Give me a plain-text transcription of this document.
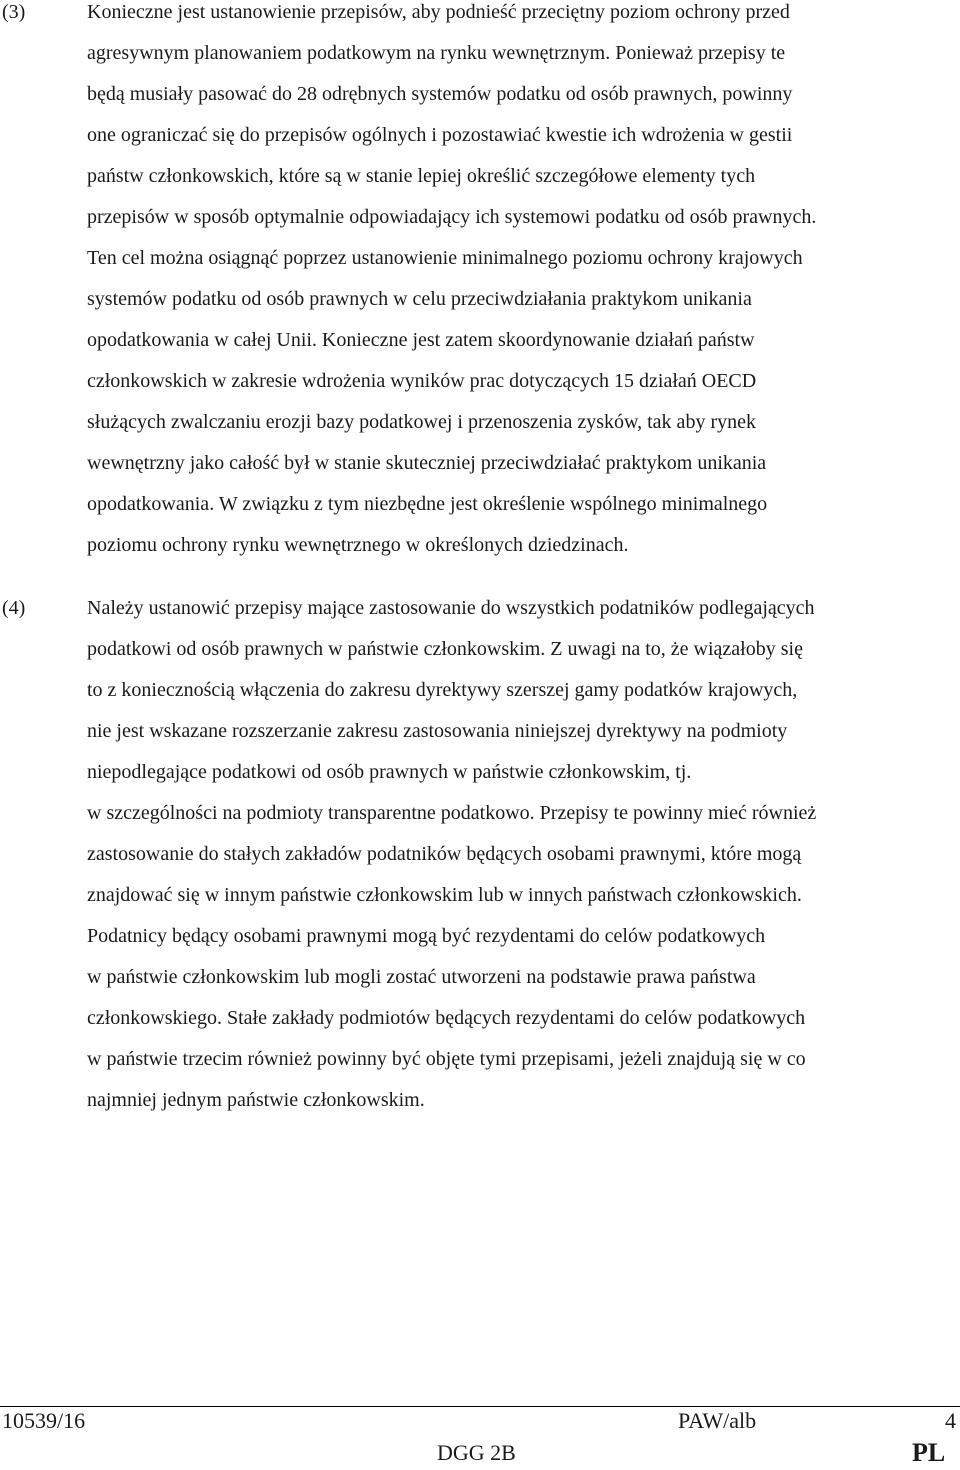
(3)	Konieczne jest ustanowienie przepisów, aby podnieść przeciętny poziom ochrony przed
agresywnym planowaniem podatkowym na rynku wewnętrznym. Ponieważ przepisy te
będą musiały pasować do 28 odrębnych systemów podatku od osób prawnych, powinny
one ograniczać się do przepisów ogólnych i pozostawiać kwestie ich wdrożenia w gestii
państw członkowskich, które są w stanie lepiej określić szczegółowe elementy tych
przepisów w sposób optymalnie odpowiadający ich systemowi podatku od osób prawnych.
Ten cel można osiągnąć poprzez ustanowienie minimalnego poziomu ochrony krajowych
systemów podatku od osób prawnych w celu przeciwdziałania praktykom unikania
opodatkowania w całej Unii. Konieczne jest zatem skoordynowanie działań państw
członkowskich w zakresie wdrożenia wyników prac dotyczących 15 działań OECD
służących zwalczaniu erozji bazy podatkowej i przenoszenia zysków, tak aby rynek
wewnętrzny jako całość był w stanie skuteczniej przeciwdziałać praktykom unikania
opodatkowania. W związku z tym niezbędne jest określenie wspólnego minimalnego
poziomu ochrony rynku wewnętrznego w określonych dziedzinach.
(4)	Należy ustanowić przepisy mające zastosowanie do wszystkich podatników podlegających
podatkowi od osób prawnych w państwie członkowskim. Z uwagi na to, że wiązałoby się
to z koniecznością włączenia do zakresu dyrektywy szerszej gamy podatków krajowych,
nie jest wskazane rozszerzanie zakresu zastosowania niniejszej dyrektywy na podmioty
niepodlegające podatkowi od osób prawnych w państwie członkowskim, tj.
w szczególności na podmioty transparentne podatkowo. Przepisy te powinny mieć również
zastosowanie do stałych zakładów podatników będących osobami prawnymi, które mogą
znajdować się w innym państwie członkowskim lub w innych państwach członkowskich.
Podatnicy będący osobami prawnymi mogą być rezydentami do celów podatkowych
w państwie członkowskim lub mogli zostać utworzeni na podstawie prawa państwa
członkowskiego. Stałe zakłady podmiotów będących rezydentami do celów podatkowych
w państwie trzecim również powinny być objęte tymi przepisami, jeżeli znajdują się w co
najmniej jednym państwie członkowskim.
10539/16	PAW/alb	4
DGG 2B	PL
